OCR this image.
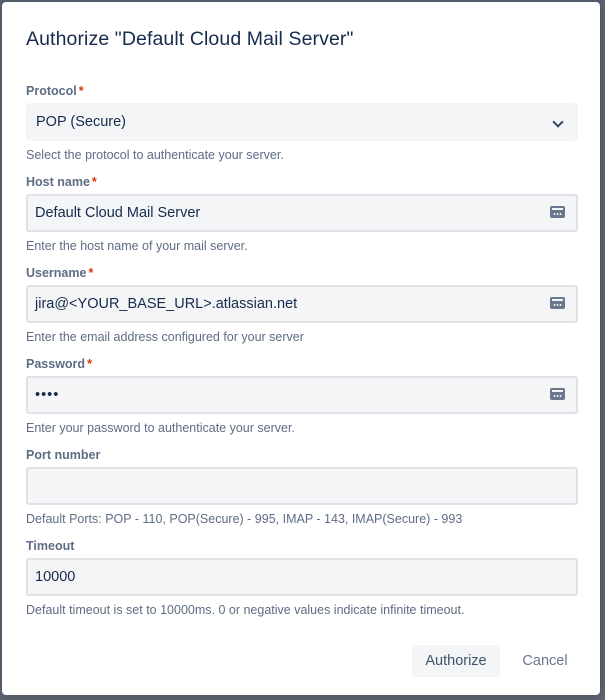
Authorize "Default Cloud Mail Server"
Protocol *
POP (Secure)
Select the protocol to authenticate your server.
Host name *
Default Cloud Mail Server
Enter the host name of your mail server.
Username *
jira@<YOUR_BASE_URL>.atlassian.net
Enter the email address configured for your server
Password *
••••
Enter your password to authenticate your server.
Port number
Default Ports: POP - 110, POP(Secure) - 995, IMAP - 143, IMAP(Secure) - 993
Timeout
10000
Default timeout is set to 10000ms. 0 or negative values indicate infinite timeout.
Authorize	Cancel
